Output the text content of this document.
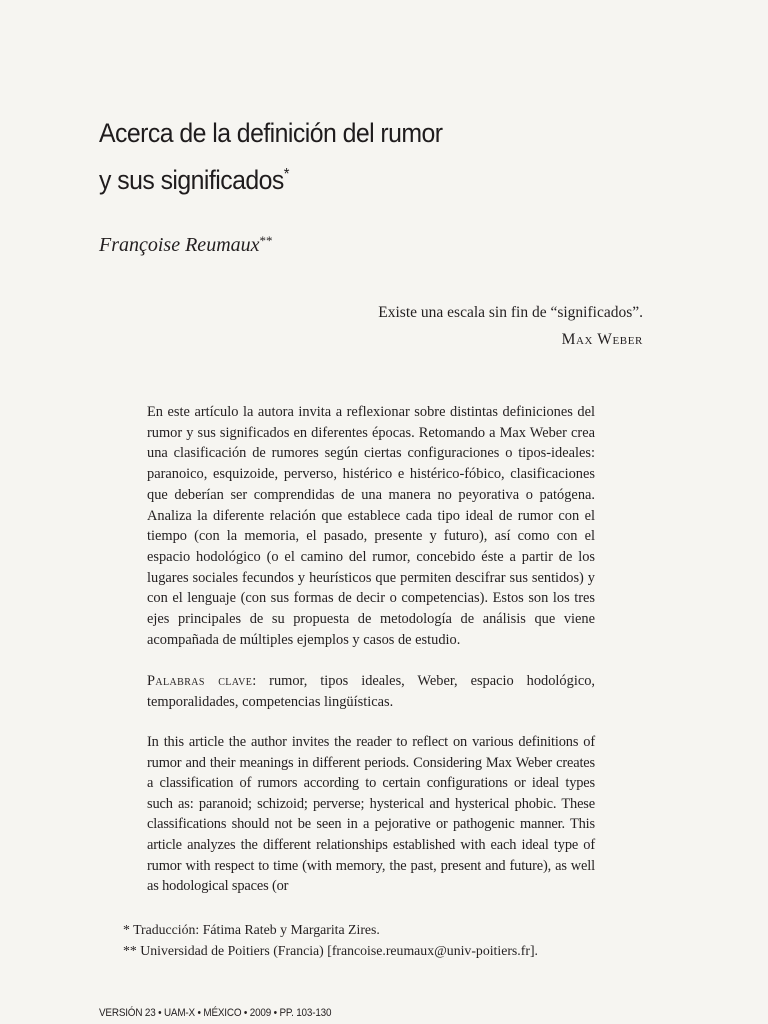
Acerca de la definición del rumor
y sus significados*
Françoise Reumaux**
Existe una escala sin fin de “significados”.
Max Weber

En este artículo la autora invita a reflexionar sobre distintas definiciones del rumor y sus significados en diferentes épocas. Retomando a Max Weber crea una clasificación de rumores según ciertas configuraciones o tipos-ideales: paranoico, esquizoide, perverso, histérico e histérico-fóbico, clasificaciones que deberían ser comprendidas de una manera no peyorativa o patógena. Analiza la diferente relación que establece cada tipo ideal de rumor con el tiempo (con la memoria, el pasado, presente y futuro), así como con el espacio hodológico (o el camino del rumor, concebido éste a partir de los lugares sociales fecundos y heurísticos que permiten descifrar sus sentidos) y con el lenguaje (con sus formas de decir o competencias). Estos son los tres ejes principales de su propuesta de metodología de análisis que viene acompañada de múltiples ejemplos y casos de estudio.

Palabras clave: rumor, tipos ideales, Weber, espacio hodológico, temporalidades, competencias lingüísticas.

In this article the author invites the reader to reflect on various definitions of rumor and their meanings in different periods. Considering Max Weber creates a classification of rumors according to certain configurations or ideal types such as: paranoid; schizoid; perverse; hysterical and hysterical phobic. These classifications should not be seen in a pejorative or pathogenic manner. This article analyzes the different relationships established with each ideal type of rumor with respect to time (with memory, the past, present and future), as well as hodological spaces (or

* Traducción: Fátima Rateb y Margarita Zires.
** Universidad de Poitiers (Francia) [francoise.reumaux@univ-poitiers.fr].
VERSIÓN 23 • UAM-X • MÉXICO • 2009 • PP. 103-130
